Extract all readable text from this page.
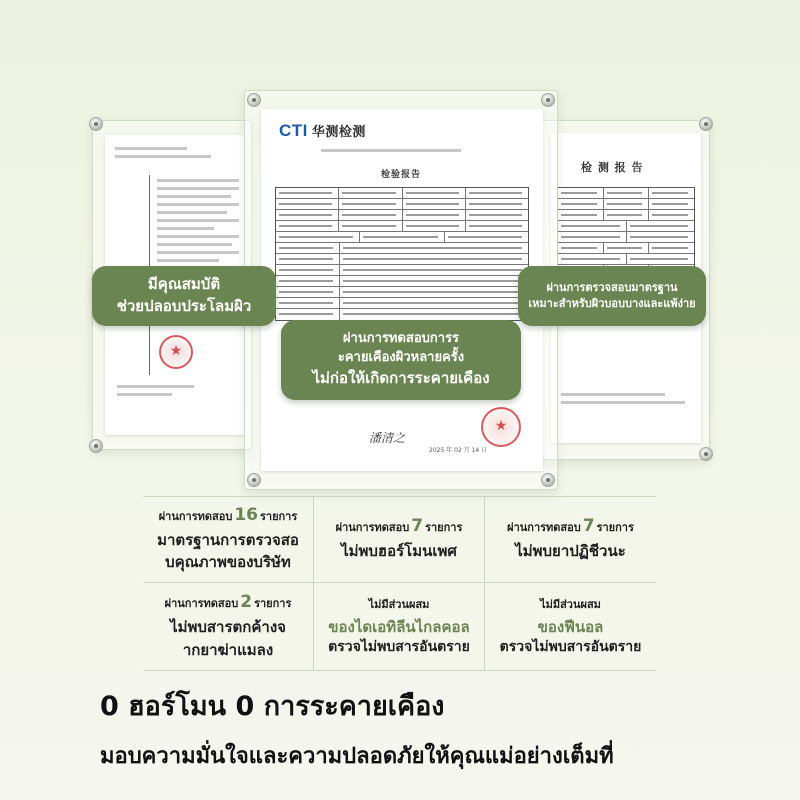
★
检 测 报 告
CTI 华测检测
检验报告
潘清之
2025 年 02 月 14 日
★
มีคุณสมบัติ
ช่วยปลอบประโลมผิว
ผ่านการทดสอบการร
ะคายเคืองผิวหลายครั้ง
ไม่ก่อให้เกิดการระคายเคือง
ผ่านการตรวจสอบมาตรฐาน
เหมาะสำหรับผิวบอบบางและแพ้ง่าย
ผ่านการทดสอบ 16 รายการ
มาตรฐานการตรวจสอ
บคุณภาพของบริษัท
ผ่านการทดสอบ 7 รายการ
ไม่พบฮอร์โมนเพศ
ผ่านการทดสอบ 7 รายการ
ไม่พบยาปฏิชีวนะ
ผ่านการทดสอบ 2 รายการ
ไม่พบสารตกค้างจ
ากยาฆ่าแมลง
ไม่มีส่วนผสม
ของไดเอทิลีนไกลคอล
ตรวจไม่พบสารอันตราย
ไม่มีส่วนผสม
ของฟีนอล
ตรวจไม่พบสารอันตราย
0 ฮอร์โมน 0 การระคายเคือง
มอบความมั่นใจและความปลอดภัยให้คุณแม่อย่างเต็มที่
